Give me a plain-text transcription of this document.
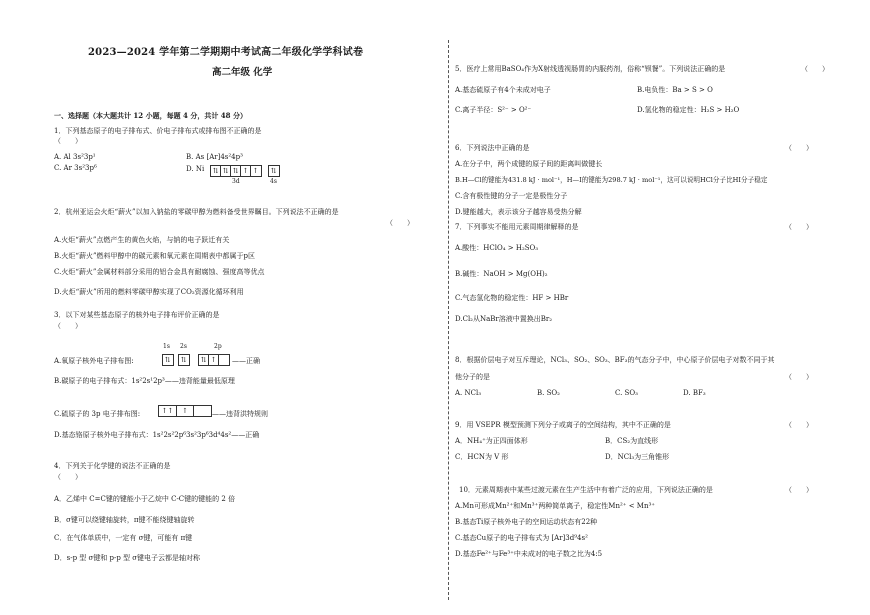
2023—2024 学年第二学期期中考试高二年级化学学科试卷
高二年级 化学
一、选择题（本大题共计 12 小题，每题 4 分，共计 48 分）
1．下列基态原子的电子排布式、价电子排布式或排布图不正确的是
（　　）
A. Al 3s²3p¹	B. As [Ar]4s²4p³
C. Ar 3s²3p⁶	D. Ni ⇅ ⇅ ⇅ ↑ ↑ ⇅
3d	4s
2．杭州亚运会火炬“薪火”以加入钠盐的零碳甲醇为燃料备受世界瞩目。下列说法不正确的是
（　　）
A.火炬“薪火”点燃产生的黄色火焰，与钠的电子跃迁有关
B.火炬“薪火”燃料甲醇中的碳元素和氧元素在周期表中都属于p区
C.火炬“薪火”金属材料部分采用的铝合金具有耐腐蚀、强度高等优点
D.火炬“薪火”所用的燃料零碳甲醇实现了CO₂资源化循环利用
3．以下对某些基态原子的核外电子排布评价正确的是
（　　）
1s 2s	2p
A.氧原子核外电子排布图:	⇅ ⇅ ⇅ ↑	——正确
B.碳原子的电子排布式：1s²2s¹2p³——违背能量最低原理
C.硫原子的 3p 电子排布图:	↑↑	↑	——违背洪特规则
D.基态铬原子核外电子排布式：1s²2s²2p⁶3s²3p⁶3d⁴4s²——正确
4．下列关于化学键的说法不正确的是
（　　）
A．乙烯中 C=C键的键能小于乙烷中 C-C键的键能的 2 倍
B．σ键可以绕键轴旋转，π键不能绕键轴旋转
C．在气体单质中，一定有 σ键，可能有 π键
D．s-p 型 σ键和 p-p 型 σ键电子云都是轴对称
5．医疗上常用BaSO₄作为X射线透视肠胃的内服药剂，俗称“钡餐”。下列说法正确的是	（　　）
A.基态硫原子有4个未成对电子	B.电负性：Ba > S > O
C.离子半径：S²⁻ > O²⁻	D.氢化物的稳定性：H₂S > H₂O
6．下列说法中正确的是	（　　）
A.在分子中，两个成键的原子间的距离叫做键长
B.H—Cl的键能为431.8 kJ · mol⁻¹，H—I的键能为298.7 kJ · mol⁻¹，这可以说明HCl分子比HI分子稳定
C.含有极性键的分子一定是极性分子
D.键能越大，表示该分子越容易受热分解
7．下列事实不能用元素周期律解释的是	（　　）
A.酸性：HClO₄ > H₂SO₃
B.碱性：NaOH > Mg(OH)₂
C.气态氢化物的稳定性：HF > HBr
D.Cl₂从NaBr溶液中置换出Br₂
8．根据价层电子对互斥理论，NCl₃、SO₂、SO₃、BF₃的气态分子中，中心原子价层电子对数不同于其
他分子的是	（　　）
A. NCl₃	B. SO₂	C. SO₃	D. BF₃
9．用 VSEPR 模型预测下列分子或离子的空间结构，其中不正确的是	（　　）
A．NH₄⁺为正四面体形	B．CS₂为直线形
C．HCN为 V 形	D．NCl₃为三角锥形
10．元素周期表中某些过渡元素在生产生活中有着广泛的应用，下列说法正确的是	（　　）
A.Mn可形成Mn²⁺和Mn³⁺两种简单离子，稳定性Mn²⁺ < Mn³⁺
B.基态Ti原子核外电子的空间运动状态有22种
C.基态Cu原子的电子排布式为 [Ar]3d⁹4s²
D.基态Fe²⁺与Fe³⁺中未成对的电子数之比为4:5
